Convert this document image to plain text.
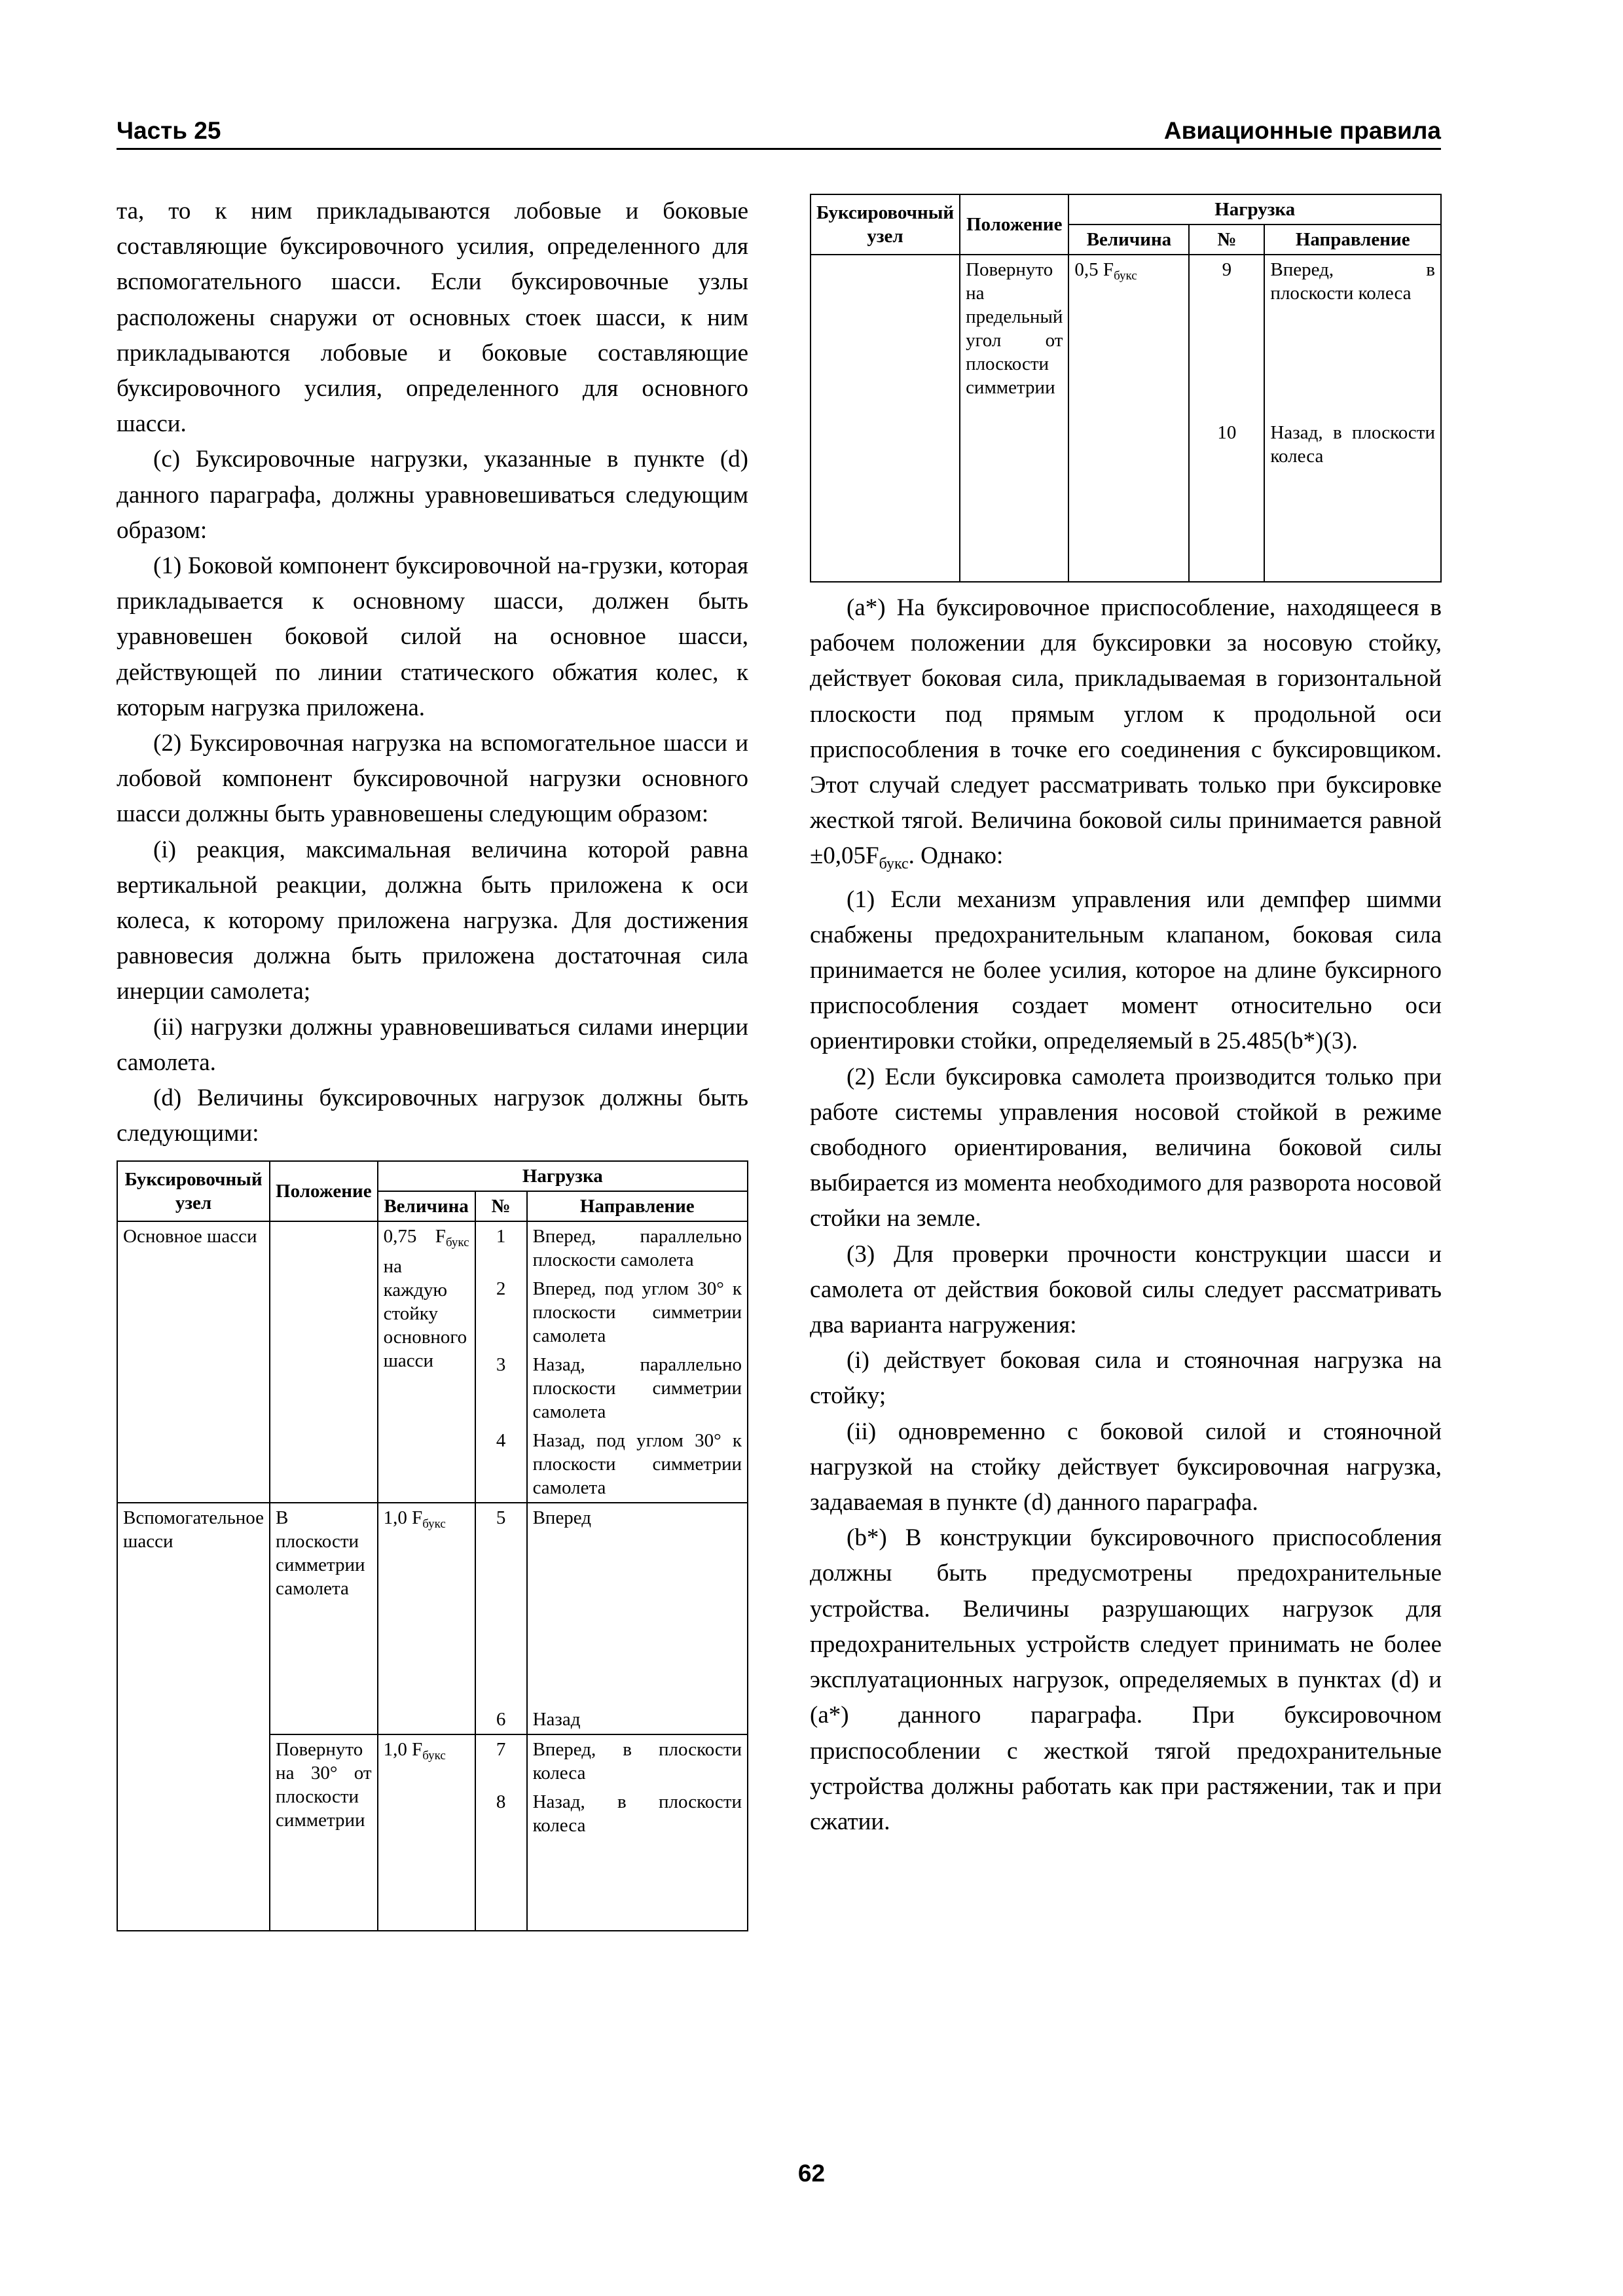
Часть 25	Авиационные правила

та, то к ним прикладываются лобовые и боковые составляющие буксировочного усилия, определенного для вспомогательного шасси. Если буксировочные узлы расположены снаружи от основных стоек шасси, к ним прикладываются лобовые и боковые составляющие буксировочного усилия, определенного для основного шасси.

(c) Буксировочные нагрузки, указанные в пункте (d) данного параграфа, должны уравновешиваться следующим образом:

(1) Боковой компонент буксировочной на-грузки, которая прикладывается к основному шасси, должен быть уравновешен боковой силой на основное шасси, действующей по линии статического обжатия колес, к которым нагрузка приложена.

(2) Буксировочная нагрузка на вспомогательное шасси и лобовой компонент буксировочной нагрузки основного шасси должны быть уравновешены следующим образом:

(i) реакция, максимальная величина которой равна вертикальной реакции, должна быть приложена к оси колеса, к которому приложена нагрузка. Для достижения равновесия должна быть приложена достаточная сила инерции самолета;

(ii) нагрузки должны уравновешиваться силами инерции самолета.

(d) Величины буксировочных нагрузок должны быть следующими:

Буксировочный узел	Положение	Нагрузка		
		Величина	№	Направление
Основное шасси		0,75 $F_{букс}$ на каждую стойку основного шасси	1	Вперед, параллельно плоскости самолета
			2	Вперед, под углом 30° к плоскости симметрии самолета
			3	Назад, параллельно плоскости симметрии самолета
			4	Назад, под углом 30° к плоскости симметрии самолета
Вспомогательное шасси	В плоскости симметрии самолета	1,0 $F_{букс}$	5	Вперед
			6	Назад
	Повернуто на 30° от плоскости симметрии	1,0 $F_{букс}$	7	Вперед, в плоскости колеса
			8	Назад, в плоскости колеса
Буксировочный узел	Положение	Нагрузка		
		Величина	№	Направление
	Повернуто на предельный угол от плоскости симметрии	0,5 $F_{букс}$	9	Вперед, в плоскости колеса
			10	Назад, в плоскости колеса

(a*) На буксировочное приспособление, находящееся в рабочем положении для буксировки за носовую стойку, действует боковая сила, прикладываемая в горизонтальной плоскости под прямым углом к продольной оси приспособления в точке его соединения с буксировщиком. Этот случай следует рассматривать только при буксировке жесткой тягой. Величина боковой силы принимается равной $\pm 0,05F_{букс}$. Однако:

(1) Если механизм управления или демпфер шимми снабжены предохранительным клапаном, боковая сила принимается не более усилия, которое на длине буксирного приспособления создает момент относительно оси ориентировки стойки, определяемый в 25.485(b*)(3).

(2) Если буксировка самолета производится только при работе системы управления носовой стойкой в режиме свободного ориентирования, величина боковой силы выбирается из момента необходимого для разворота носовой стойки на земле.

(3) Для проверки прочности конструкции шасси и самолета от действия боковой силы следует рассматривать два варианта нагружения:

(i) действует боковая сила и стояночная нагрузка на стойку;

(ii) одновременно с боковой силой и стояночной нагрузкой на стойку действует буксировочная нагрузка, задаваемая в пункте (d) данного параграфа.

(b*) В конструкции буксировочного приспособления должны быть предусмотрены предохранительные устройства. Величины разрушающих нагрузок для предохранительных устройств следует принимать не более эксплуатационных нагрузок, определяемых в пунктах (d) и (a*) данного параграфа. При буксировочном приспособлении с жесткой тягой предохранительные устройства должны работать как при растяжении, так и при сжатии.

62
